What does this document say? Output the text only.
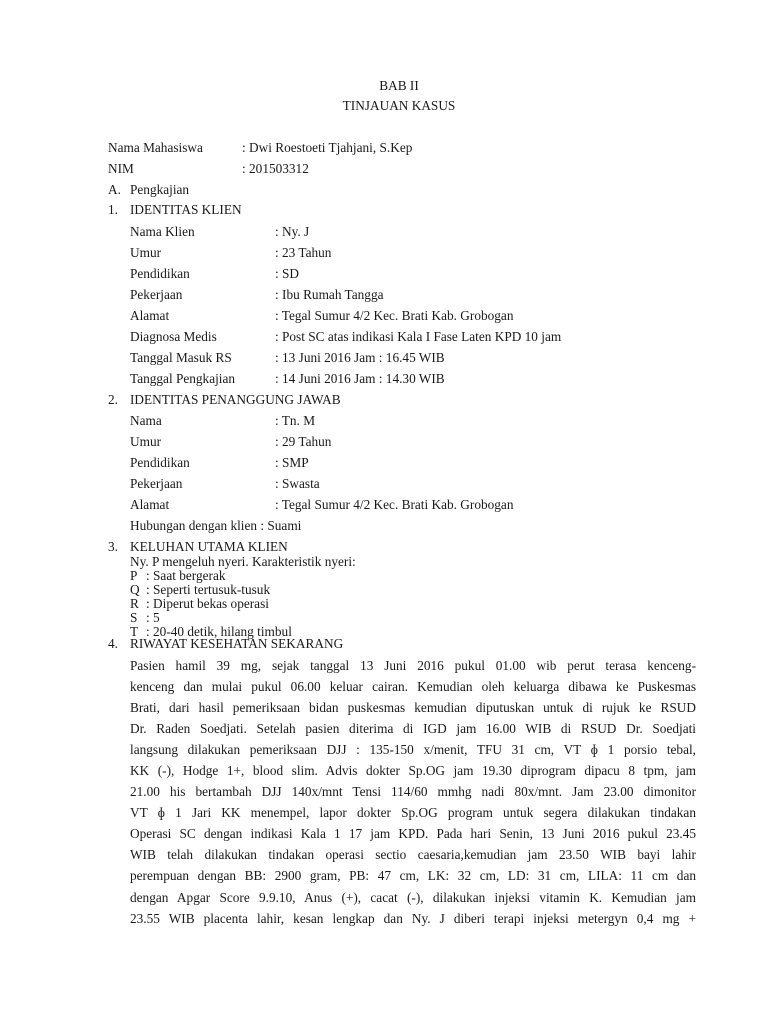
BAB II
TINJAUAN KASUS
Nama Mahasiswa	: Dwi Roestoeti Tjahjani, S.Kep
NIM	: 201503312
A. Pengkajian
1. IDENTITAS KLIEN
Nama Klien	: Ny. J
Umur	: 23 Tahun
Pendidikan	: SD
Pekerjaan	: Ibu Rumah Tangga
Alamat	: Tegal Sumur 4/2 Kec. Brati Kab. Grobogan
Diagnosa Medis	: Post SC atas indikasi Kala I Fase Laten KPD 10 jam
Tanggal Masuk RS	: 13 Juni 2016 Jam : 16.45 WIB
Tanggal Pengkajian	: 14 Juni 2016 Jam : 14.30 WIB
2. IDENTITAS PENANGGUNG JAWAB
Nama	: Tn. M
Umur	: 29 Tahun
Pendidikan	: SMP
Pekerjaan	: Swasta
Alamat	: Tegal Sumur 4/2 Kec. Brati Kab. Grobogan
Hubungan dengan klien : Suami
3. KELUHAN UTAMA KLIEN
Ny. P mengeluh nyeri. Karakteristik nyeri:
P : Saat bergerak
Q : Seperti tertusuk-tusuk
R : Diperut bekas operasi
S : 5
T : 20-40 detik, hilang timbul
4. RIWAYAT KESEHATAN SEKARANG
Pasien hamil 39 mg, sejak tanggal 13 Juni 2016 pukul 01.00 wib perut terasa kenceng-
kenceng dan mulai pukul 06.00 keluar cairan. Kemudian oleh keluarga dibawa ke Puskesmas
Brati, dari hasil pemeriksaan bidan puskesmas kemudian diputuskan untuk di rujuk ke RSUD
Dr. Raden Soedjati. Setelah pasien diterima di IGD jam 16.00 WIB di RSUD Dr. Soedjati
langsung dilakukan pemeriksaan DJJ : 135-150 x/menit, TFU 31 cm, VT ɸ 1 porsio tebal,
KK (-), Hodge 1+, blood slim. Advis dokter Sp.OG jam 19.30 diprogram dipacu 8 tpm, jam
21.00 his bertambah DJJ 140x/mnt Tensi 114/60 mmhg nadi 80x/mnt. Jam 23.00 dimonitor
VT ɸ 1 Jari KK menempel, lapor dokter Sp.OG program untuk segera dilakukan tindakan
Operasi SC dengan indikasi Kala 1 17 jam KPD. Pada hari Senin, 13 Juni 2016 pukul 23.45
WIB telah dilakukan tindakan operasi sectio caesaria,kemudian jam 23.50 WIB bayi lahir
perempuan dengan BB: 2900 gram, PB: 47 cm, LK: 32 cm, LD: 31 cm, LILA: 11 cm dan
dengan Apgar Score 9.9.10, Anus (+), cacat (-), dilakukan injeksi vitamin K. Kemudian jam
23.55 WIB placenta lahir, kesan lengkap dan Ny. J diberi terapi injeksi metergyn 0,4 mg +
